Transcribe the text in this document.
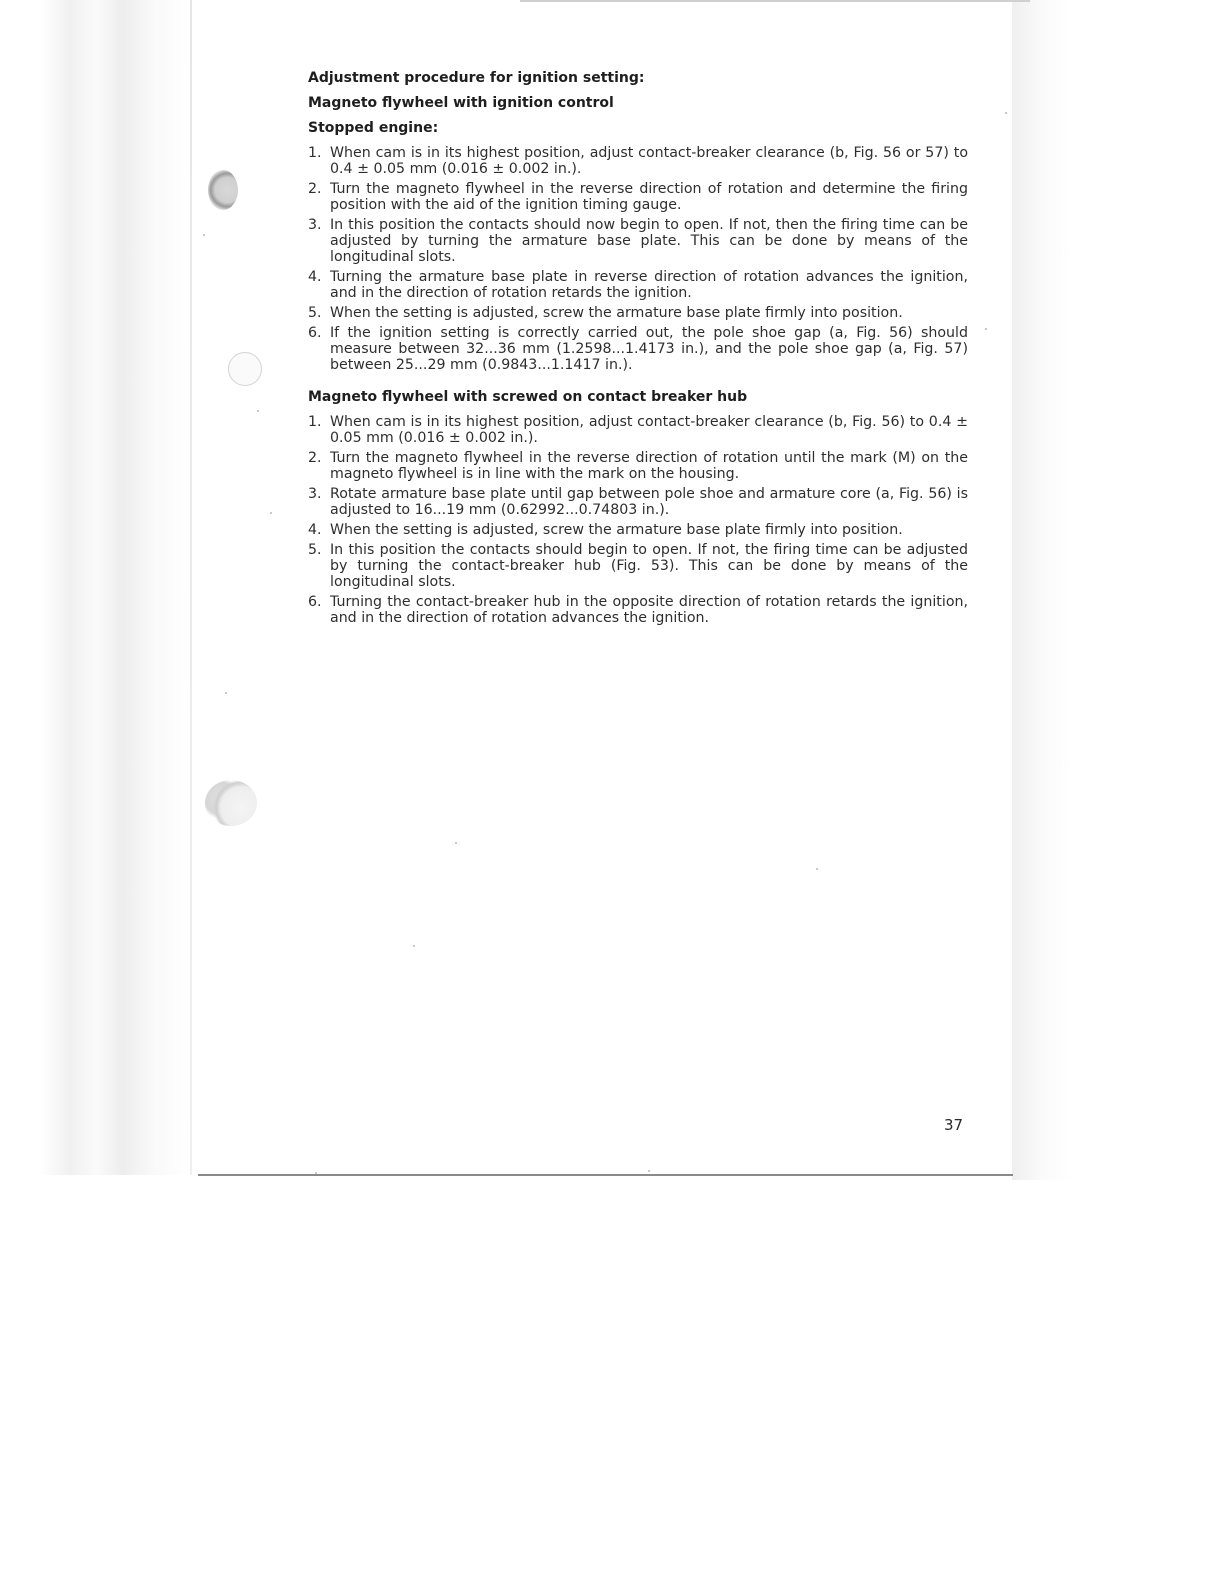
Adjustment procedure for ignition setting:
Magneto flywheel with ignition control
Stopped engine:
1. When cam is in its highest position, adjust contact-breaker clearance (b, Fig. 56 or 57) to 0.4 ± 0.05 mm (0.016 ± 0.002 in.).
2. Turn the magneto flywheel in the reverse direction of rotation and determine the firing position with the aid of the ignition timing gauge.
3. In this position the contacts should now begin to open. If not, then the firing time can be adjusted by turning the armature base plate. This can be done by means of the longitudinal slots.
4. Turning the armature base plate in reverse direction of rotation advances the ignition, and in the direction of rotation retards the ignition.
5. When the setting is adjusted, screw the armature base plate firmly into position.
6. If the ignition setting is correctly carried out, the pole shoe gap (a, Fig. 56) should measure between 32...36 mm (1.2598...1.4173 in.), and the pole shoe gap (a, Fig. 57) between 25...29 mm (0.9843...1.1417 in.).
Magneto flywheel with screwed on contact breaker hub
1. When cam is in its highest position, adjust contact-breaker clearance (b, Fig. 56) to 0.4 ± 0.05 mm (0.016 ± 0.002 in.).
2. Turn the magneto flywheel in the reverse direction of rotation until the mark (M) on the magneto flywheel is in line with the mark on the housing.
3. Rotate armature base plate until gap between pole shoe and armature core (a, Fig. 56) is adjusted to 16...19 mm (0.62992...0.74803 in.).
4. When the setting is adjusted, screw the armature base plate firmly into position.
5. In this position the contacts should begin to open. If not, the firing time can be adjusted by turning the contact-breaker hub (Fig. 53). This can be done by means of the longitudinal slots.
6. Turning the contact-breaker hub in the opposite direction of rotation retards the ignition, and in the direction of rotation advances the ignition.
37
